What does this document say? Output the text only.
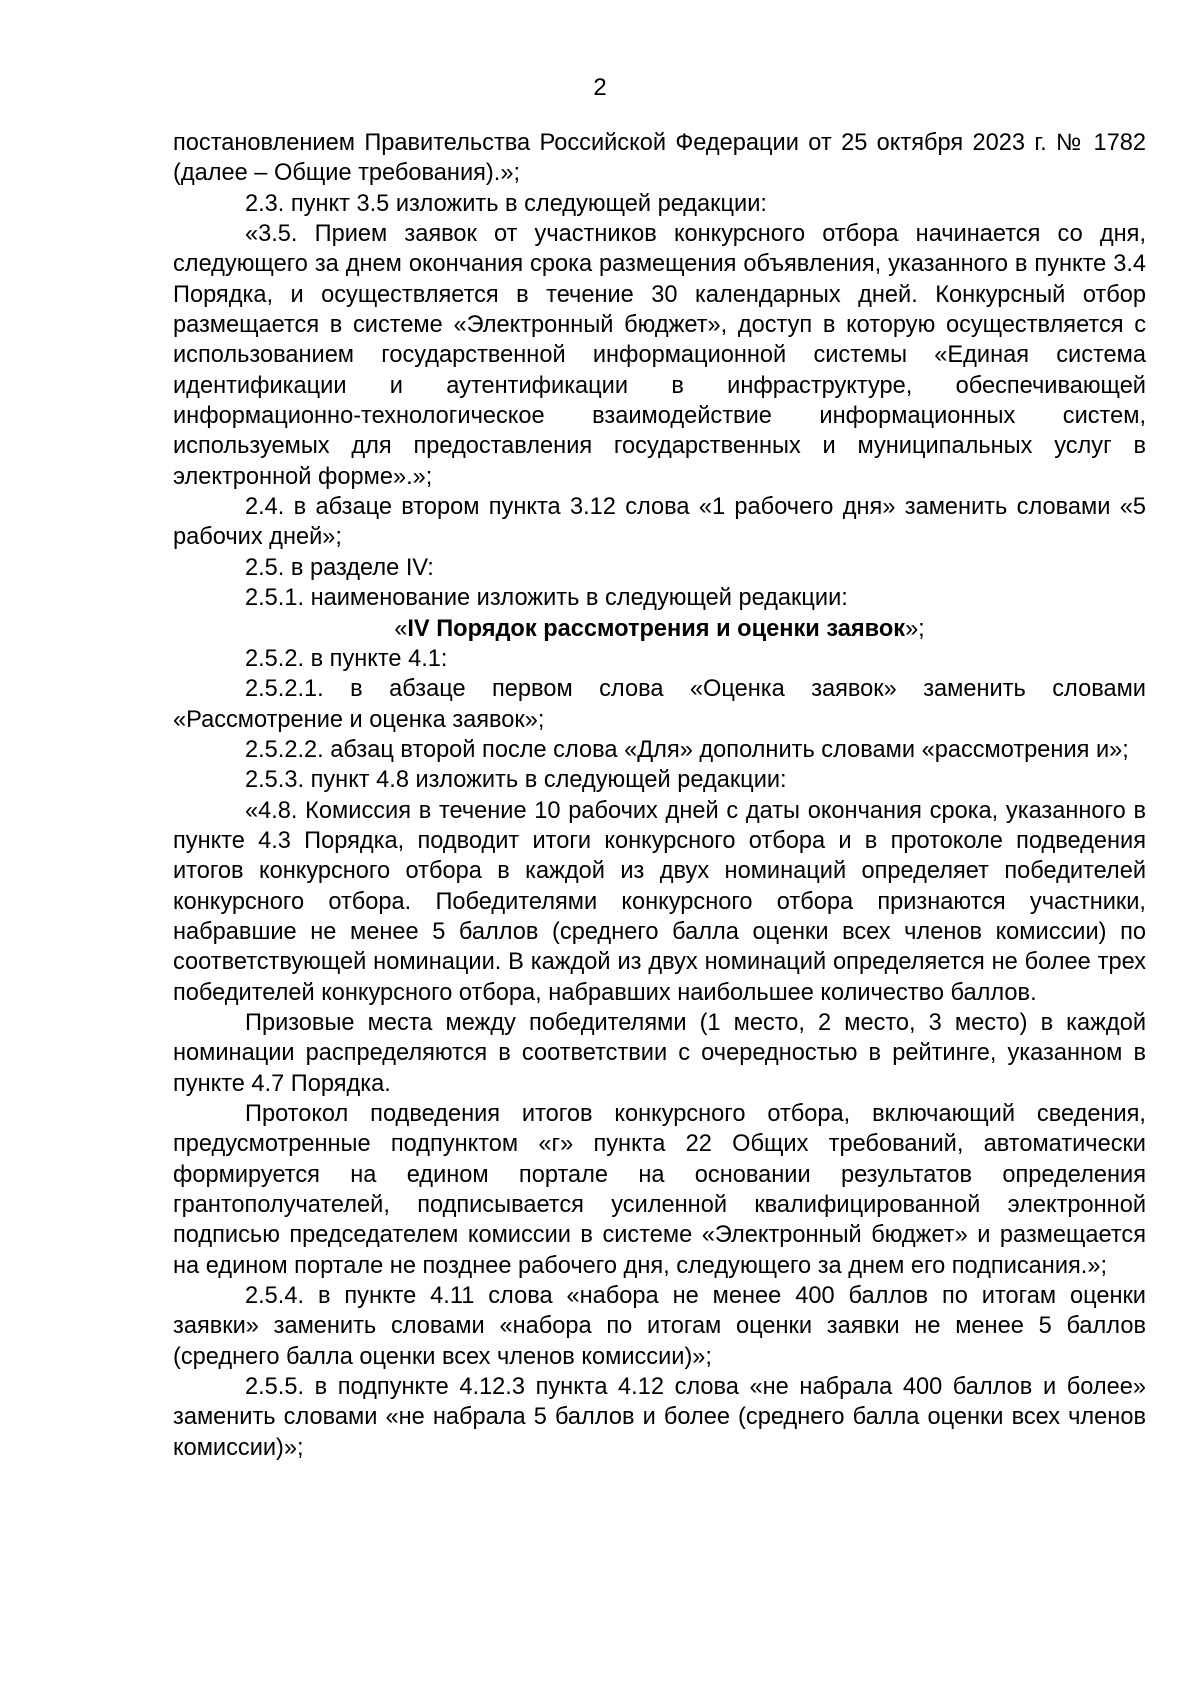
2

постановлением Правительства Российской Федерации от 25 октября 2023 г. № 1782 (далее – Общие требования).»;

2.3. пункт 3.5 изложить в следующей редакции:

«3.5. Прием заявок от участников конкурсного отбора начинается со дня, следующего за днем окончания срока размещения объявления, указанного в пункте 3.4 Порядка, и осуществляется в течение 30 календарных дней. Конкурсный отбор размещается в системе «Электронный бюджет», доступ в которую осуществляется с использованием государственной информационной системы «Единая система идентификации и аутентификации в инфраструктуре, обеспечивающей информационно-технологическое взаимодействие информационных систем, используемых для предоставления государственных и муниципальных услуг в электронной форме».»;

2.4. в абзаце втором пункта 3.12 слова «1 рабочего дня» заменить словами «5 рабочих дней»;

2.5. в разделе IV:

2.5.1. наименование изложить в следующей редакции:

«IV Порядок рассмотрения и оценки заявок»;

2.5.2. в пункте 4.1:

2.5.2.1. в абзаце первом слова «Оценка заявок» заменить словами «Рассмотрение и оценка заявок»;

2.5.2.2. абзац второй после слова «Для» дополнить словами «рассмотрения и»;

2.5.3. пункт 4.8 изложить в следующей редакции:

«4.8. Комиссия в течение 10 рабочих дней с даты окончания срока, указанного в пункте 4.3 Порядка, подводит итоги конкурсного отбора и в протоколе подведения итогов конкурсного отбора в каждой из двух номинаций определяет победителей конкурсного отбора. Победителями конкурсного отбора признаются участники, набравшие не менее 5 баллов (среднего балла оценки всех членов комиссии) по соответствующей номинации. В каждой из двух номинаций определяется не более трех победителей конкурсного отбора, набравших наибольшее количество баллов.

Призовые места между победителями (1 место, 2 место, 3 место) в каждой номинации распределяются в соответствии с очередностью в рейтинге, указанном в пункте 4.7 Порядка.

Протокол подведения итогов конкурсного отбора, включающий сведения, предусмотренные подпунктом «г» пункта 22 Общих требований, автоматически формируется на едином портале на основании результатов определения грантополучателей, подписывается усиленной квалифицированной электронной подписью председателем комиссии в системе «Электронный бюджет» и размещается на едином портале не позднее рабочего дня, следующего за днем его подписания.»;

2.5.4. в пункте 4.11 слова «набора не менее 400 баллов по итогам оценки заявки» заменить словами «набора по итогам оценки заявки не менее 5 баллов (среднего балла оценки всех членов комиссии)»;

2.5.5. в подпункте 4.12.3 пункта 4.12 слова «не набрала 400 баллов и более» заменить словами «не набрала 5 баллов и более (среднего балла оценки всех членов комиссии)»;
